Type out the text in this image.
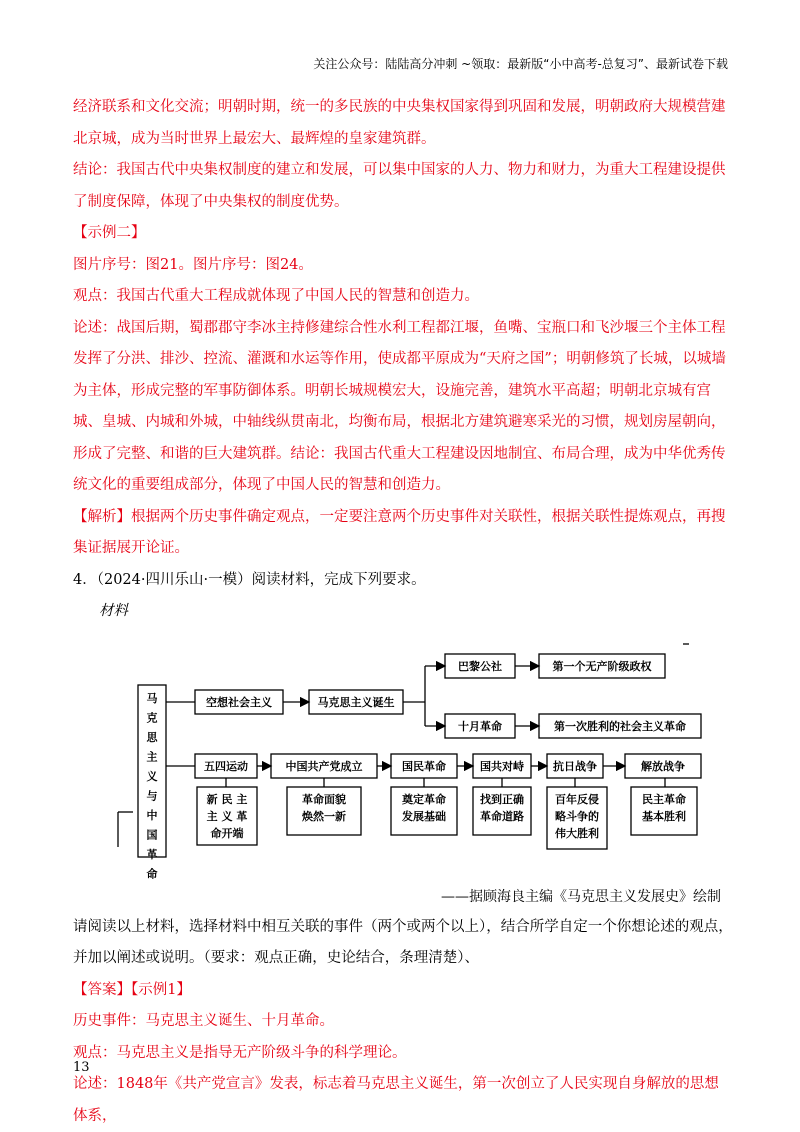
关注公众号：陆陆高分冲刺 ~领取：最新版“小中高考-总复习”、最新试卷下载

经济联系和文化交流；明朝时期，统一的多民族的中央集权国家得到巩固和发展，明朝政府大规模营建北京城，成为当时世界上最宏大、最辉煌的皇家建筑群。

结论：我国古代中央集权制度的建立和发展，可以集中国家的人力、物力和财力，为重大工程建设提供了制度保障，体现了中央集权的制度优势。

【示例二】

图片序号：图21。图片序号：图24。

观点：我国古代重大工程成就体现了中国人民的智慧和创造力。

论述：战国后期，蜀郡郡守李冰主持修建综合性水利工程都江堰，鱼嘴、宝瓶口和飞沙堰三个主体工程发挥了分洪、排沙、控流、灌溉和水运等作用，使成都平原成为“天府之国”；明朝修筑了长城，以城墙为主体，形成完整的军事防御体系。明朝长城规模宏大，设施完善，建筑水平高超；明朝北京城有宫城、皇城、内城和外城，中轴线纵贯南北，均衡布局，根据北方建筑避寒采光的习惯，规划房屋朝向，形成了完整、和谐的巨大建筑群。结论：我国古代重大工程建设因地制宜、布局合理，成为中华优秀传统文化的重要组成部分，体现了中国人民的智慧和创造力。

【解析】根据两个历史事件确定观点，一定要注意两个历史事件对关联性，根据关联性提炼观点，再搜集证据展开论证。

4．（2024·四川乐山·一模）阅读材料，完成下列要求。

材料

马
克
思
主
义
与
中
国
革
命
空想社会主义	马克思主义诞生
巴黎公社
十月革命
第一个无产阶级政权
第一次胜利的社会主义革命
五四运动	中国共产党成立	国民革命	国共对峙	抗日战争	解放战争
新 民 主
主 义 革
命开端
革命面貌
焕然一新
奠定革命
发展基础
找到正确
革命道路
百年反侵
略斗争的
伟大胜利
民主革命
基本胜利

——据顾海良主编《马克思主义发展史》绘制

请阅读以上材料，选择材料中相互关联的事件（两个或两个以上），结合所学自定一个你想论述的观点，并加以阐述或说明。（要求：观点正确，史论结合，条理清楚）、

【答案】【示例1】

历史事件：马克思主义诞生、十月革命。

观点：马克思主义是指导无产阶级斗争的科学理论。

论述：1848年《共产党宣言》发表，标志着马克思主义诞生，第一次创立了人民实现自身解放的思想体系，

13
